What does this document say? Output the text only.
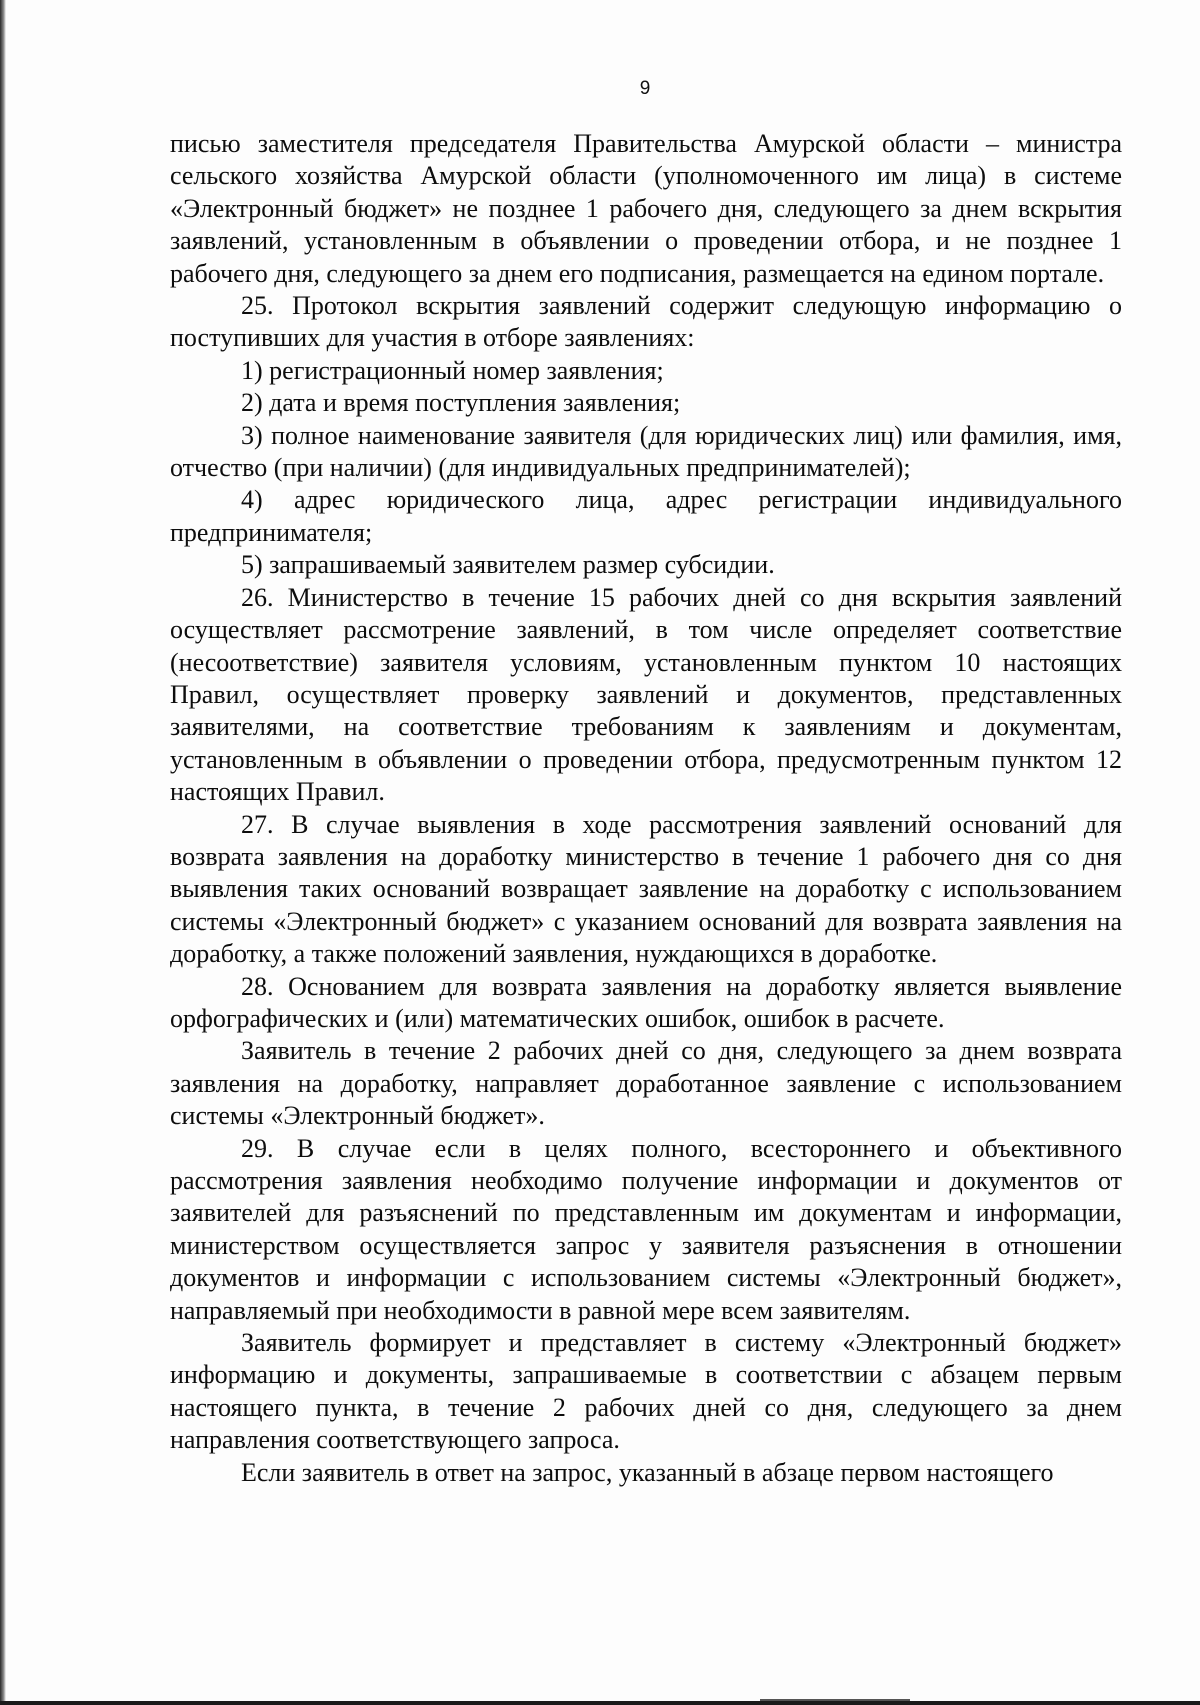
9

писью заместителя председателя Правительства Амурской области – министра сельского хозяйства Амурской области (уполномоченного им лица) в системе «Электронный бюджет» не позднее 1 рабочего дня, следующего за днем вскрытия заявлений, установленным в объявлении о проведении отбора, и не позднее 1 рабочего дня, следующего за днем его подписания, размещается на едином портале.

25. Протокол вскрытия заявлений содержит следующую информацию о поступивших для участия в отборе заявлениях:

1) регистрационный номер заявления;

2) дата и время поступления заявления;

3) полное наименование заявителя (для юридических лиц) или фамилия, имя, отчество (при наличии) (для индивидуальных предпринимателей);

4) адрес юридического лица, адрес регистрации индивидуального предпринимателя;

5) запрашиваемый заявителем размер субсидии.

26. Министерство в течение 15 рабочих дней со дня вскрытия заявлений осуществляет рассмотрение заявлений, в том числе определяет соответствие (несоответствие) заявителя условиям, установленным пунктом 10 настоящих Правил, осуществляет проверку заявлений и документов, представленных заявителями, на соответствие требованиям к заявлениям и документам, установленным в объявлении о проведении отбора, предусмотренным пунктом 12 настоящих Правил.

27. В случае выявления в ходе рассмотрения заявлений оснований для возврата заявления на доработку министерство в течение 1 рабочего дня со дня выявления таких оснований возвращает заявление на доработку с использованием системы «Электронный бюджет» с указанием оснований для возврата заявления на доработку, а также положений заявления, нуждающихся в доработке.

28. Основанием для возврата заявления на доработку является выявление орфографических и (или) математических ошибок, ошибок в расчете.

Заявитель в течение 2 рабочих дней со дня, следующего за днем возврата заявления на доработку, направляет доработанное заявление с использованием системы «Электронный бюджет».

29. В случае если в целях полного, всестороннего и объективного рассмотрения заявления необходимо получение информации и документов от заявителей для разъяснений по представленным им документам и информации, министерством осуществляется запрос у заявителя разъяснения в отношении документов и информации с использованием системы «Электронный бюджет», направляемый при необходимости в равной мере всем заявителям.

Заявитель формирует и представляет в систему «Электронный бюджет» информацию и документы, запрашиваемые в соответствии с абзацем первым настоящего пункта, в течение 2 рабочих дней со дня, следующего за днем направления соответствующего запроса.

Если заявитель в ответ на запрос, указанный в абзаце первом настоящего
